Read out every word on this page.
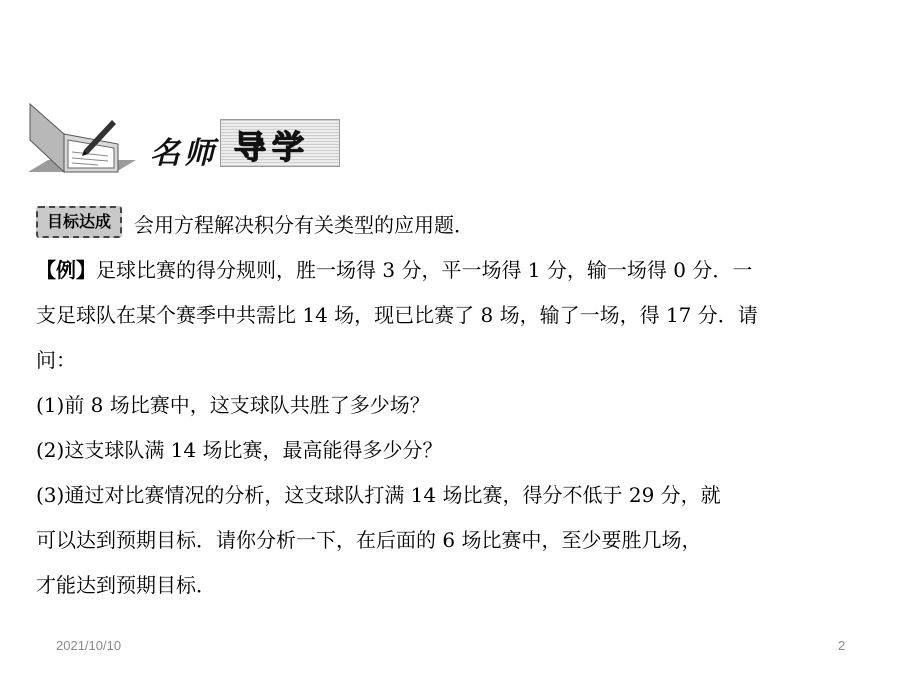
名师 导学
目标达成 会用方程解决积分有关类型的应用题．
【例】足球比赛的得分规则，胜一场得 3 分，平一场得 1 分，输一场得 0 分．一
支足球队在某个赛季中共需比 14 场，现已比赛了 8 场，输了一场，得 17 分．请
问：
(1)前 8 场比赛中，这支球队共胜了多少场？
(2)这支球队满 14 场比赛，最高能得多少分？
(3)通过对比赛情况的分析，这支球队打满 14 场比赛，得分不低于 29 分，就
可以达到预期目标．请你分析一下，在后面的 6 场比赛中，至少要胜几场，
才能达到预期目标．
2021/10/10	2
